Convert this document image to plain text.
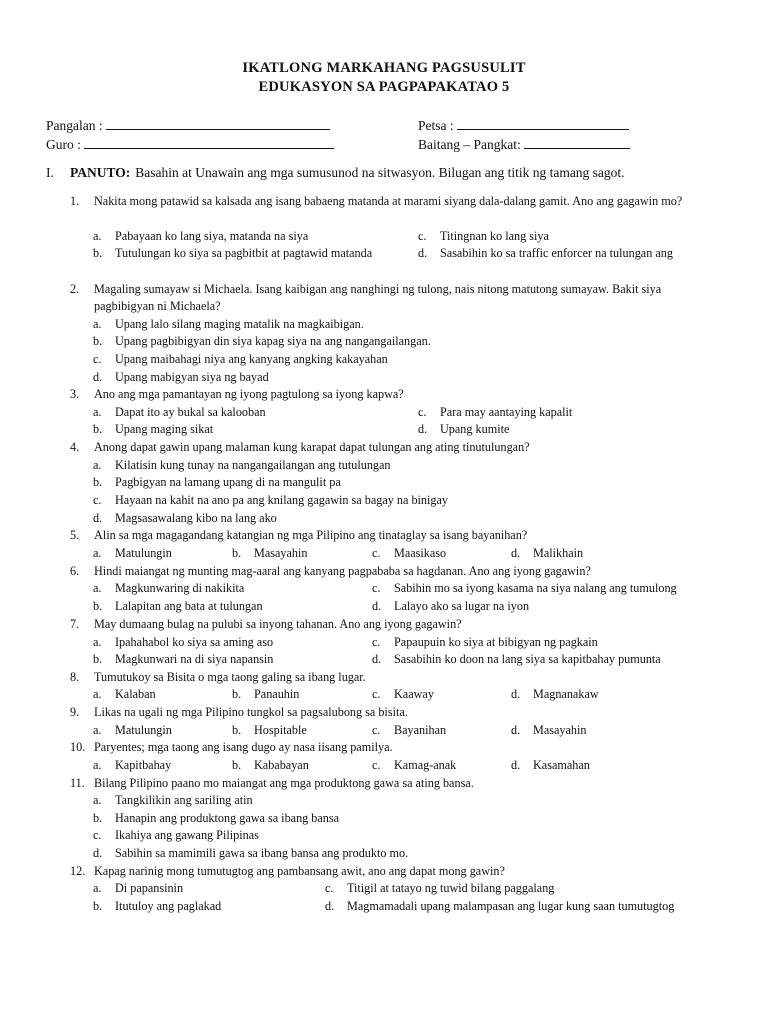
IKATLONG MARKAHANG PAGSUSULIT
EDUKASYON SA PAGPAPAKATAO 5
Pangalan :	Petsa :
Guro :	Baitang – Pangkat:
I. PANUTO: Basahin at Unawain ang mga sumusunod na sitwasyon. Bilugan ang titik ng tamang sagot.
1.	Nakita mong patawid sa kalsada ang isang babaeng matanda at marami siyang dala-dalang gamit. Ano ang gagawin mo?
a. Pabayaan ko lang siya, matanda na siya	c. Titingnan ko lang siya
b. Tutulungan ko siya sa pagbitbit at pagtawid matanda	d. Sasabihin ko sa traffic enforcer na tulungan ang
2.	Magaling sumayaw si Michaela. Isang kaibigan ang nanghingi ng tulong, nais nitong matutong sumayaw. Bakit siya pagbibigyan ni Michaela?
a. Upang lalo silang maging matalik na magkaibigan.
b. Upang pagbibigyan din siya kapag siya na ang nangangailangan.
c. Upang maibahagi niya ang kanyang angking kakayahan
d. Upang mabigyan siya ng bayad
3.	Ano ang mga pamantayan ng iyong pagtulong sa iyong kapwa?
a. Dapat ito ay bukal sa kalooban	c. Para may aantaying kapalit
b. Upang maging sikat	d. Upang kumite
4.	Anong dapat gawin upang malaman kung karapat dapat tulungan ang ating tinutulungan?
a. Kilatisin kung tunay na nangangailangan ang tutulungan
b. Pagbigyan na lamang upang di na mangulit pa
c. Hayaan na kahit na ano pa ang knilang gagawin sa bagay na binigay
d. Magsasawalang kibo na lang ako
5.	Alin sa mga magagandang katangian ng mga Pilipino ang tinataglay sa isang bayanihan?
a. Matulungin	b. Masayahin	c. Maasikaso	d. Malikhain
6.	Hindi maiangat ng munting mag-aaral ang kanyang pagpababa sa hagdanan. Ano ang iyong gagawin?
a. Magkunwaring di nakikita	c. Sabihin mo sa iyong kasama na siya nalang ang tumulong
b. Lalapitan ang bata at tulungan	d. Lalayo ako sa lugar na iyon
7.	May dumaang bulag na pulubi sa inyong tahanan. Ano ang iyong gagawin?
a. Ipahahabol ko siya sa aming aso	c. Papaupuin ko siya at bibigyan ng pagkain
b. Magkunwari na di siya napansin	d. Sasabihin ko doon na lang siya sa kapitbahay pumunta
8.	Tumutukoy sa Bisita o mga taong galing sa ibang lugar.
a. Kalaban	b. Panauhin	c. Kaaway	d. Magnanakaw
9.	Likas na ugali ng mga Pilipino tungkol sa pagsalubong sa bisita.
a. Matulungin	b. Hospitable	c. Bayanihan	d. Masayahin
10. Paryentes; mga taong ang isang dugo ay nasa iisang pamilya.
a. Kapitbahay	b. Kababayan	c. Kamag-anak	d. Kasamahan
11. Bilang Pilipino paano mo maiangat ang mga produktong gawa sa ating bansa.
a. Tangkilikin ang sariling atin
b. Hanapin ang produktong gawa sa ibang bansa
c. Ikahiya ang gawang Pilipinas
d. Sabihin sa mamimili gawa sa ibang bansa ang produkto mo.
12. Kapag narinig mong tumutugtog ang pambansang awit, ano ang dapat mong gawin?
a. Di papansinin	c. Titigil at tatayo ng tuwid bilang paggalang
b. Itutuloy ang paglakad	d. Magmamadali upang malampasan ang lugar kung saan tumutugtog
